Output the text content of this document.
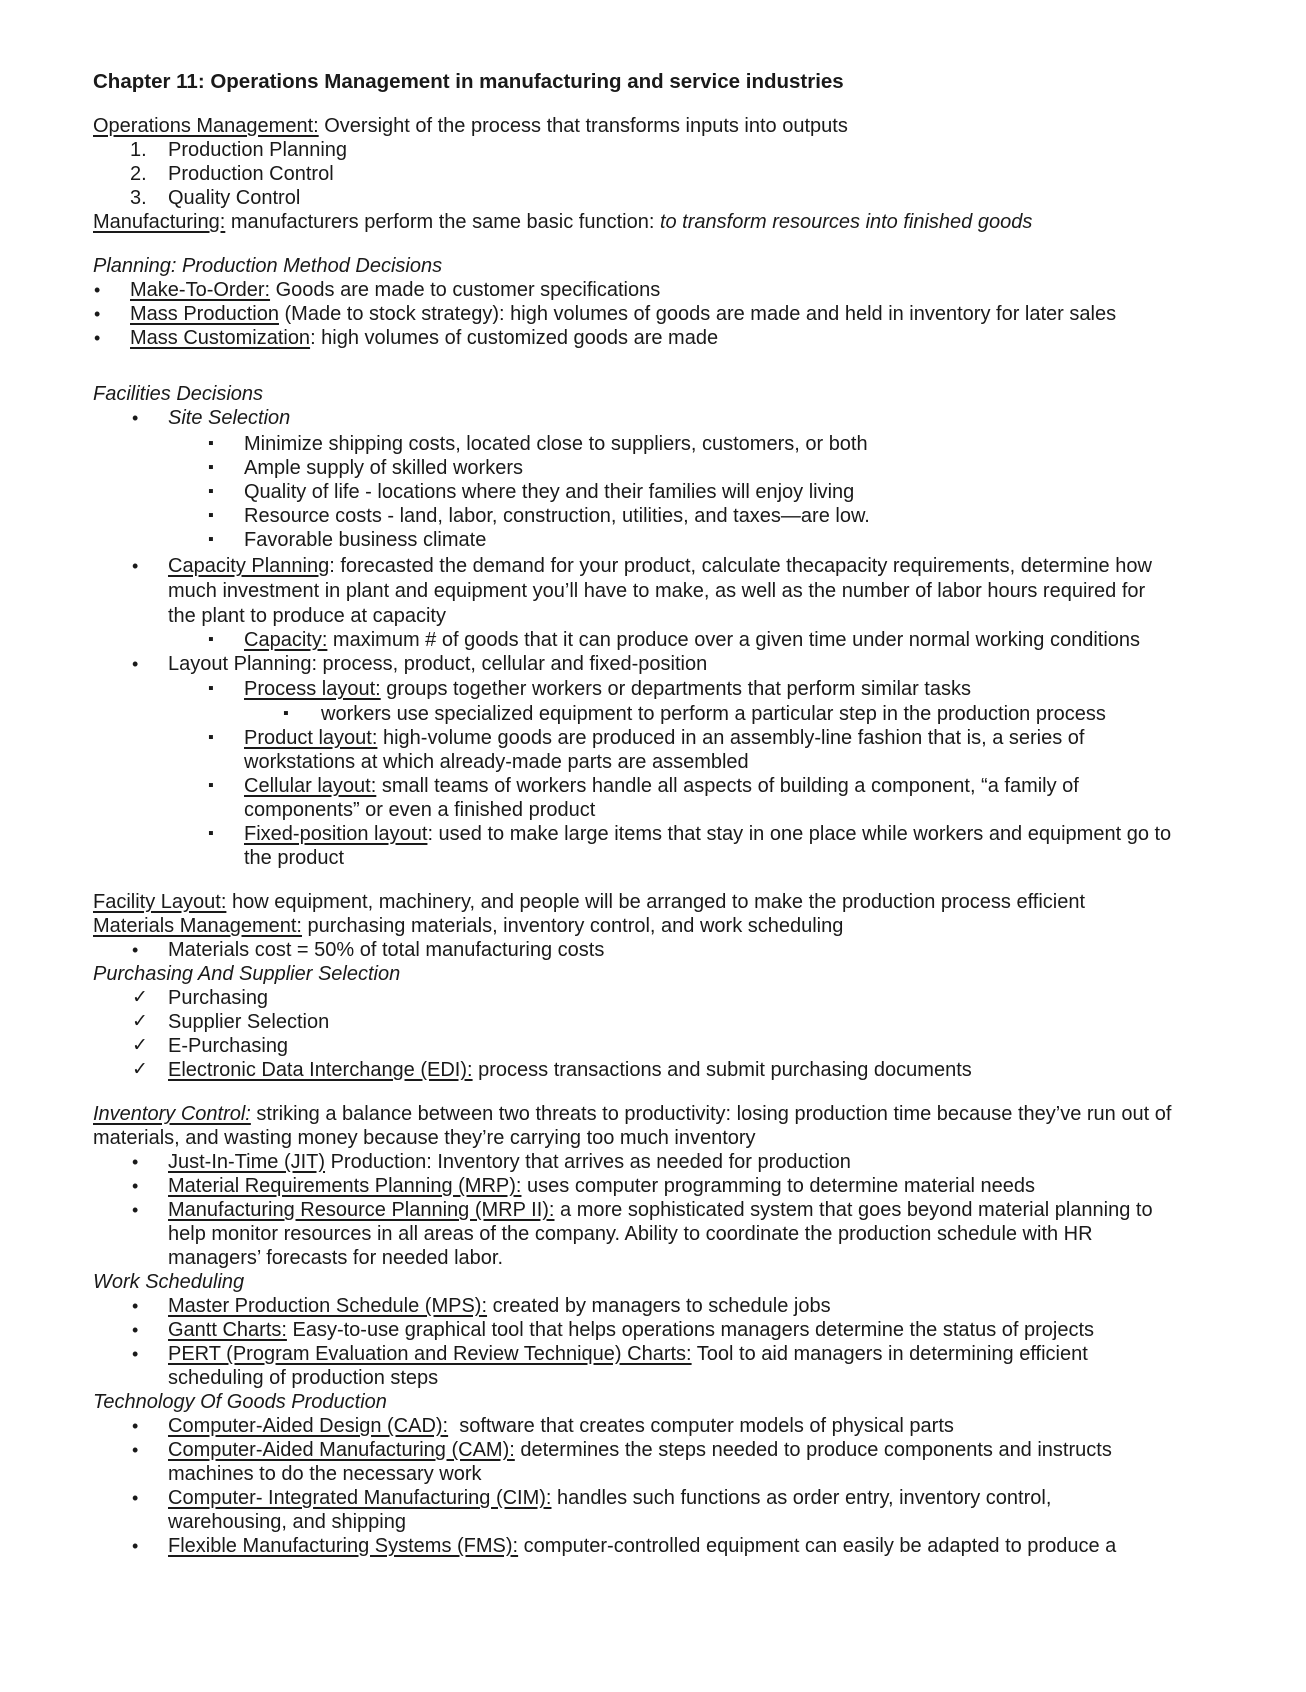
Chapter 11: Operations Management in manufacturing and service industries
Operations Management: Oversight of the process that transforms inputs into outputs
1. Production Planning
2. Production Control
3. Quality Control
Manufacturing: manufacturers perform the same basic function: to transform resources into finished goods
Planning: Production Method Decisions
• Make-To-Order: Goods are made to customer specifications
• Mass Production (Made to stock strategy): high volumes of goods are made and held in inventory for later sales
• Mass Customization: high volumes of customized goods are made
Facilities Decisions
• Site Selection
▪ Minimize shipping costs, located close to suppliers, customers, or both
▪ Ample supply of skilled workers
▪ Quality of life - locations where they and their families will enjoy living
▪ Resource costs - land, labor, construction, utilities, and taxes—are low.
▪ Favorable business climate
• Capacity Planning: forecasted the demand for your product, calculate thecapacity requirements, determine how
much investment in plant and equipment you’ll have to make, as well as the number of labor hours required for
the plant to produce at capacity
▪ Capacity: maximum # of goods that it can produce over a given time under normal working conditions
• Layout Planning: process, product, cellular and fixed-position
▪ Process layout: groups together workers or departments that perform similar tasks
▪ workers use specialized equipment to perform a particular step in the production process
▪ Product layout: high-volume goods are produced in an assembly-line fashion that is, a series of
workstations at which already-made parts are assembled
▪ Cellular layout: small teams of workers handle all aspects of building a component, “a family of
components” or even a finished product
▪ Fixed-position layout: used to make large items that stay in one place while workers and equipment go to
the product
Facility Layout: how equipment, machinery, and people will be arranged to make the production process efficient
Materials Management: purchasing materials, inventory control, and work scheduling
• Materials cost = 50% of total manufacturing costs
Purchasing And Supplier Selection
✓ Purchasing
✓ Supplier Selection
✓ E-Purchasing
✓ Electronic Data Interchange (EDI): process transactions and submit purchasing documents
Inventory Control: striking a balance between two threats to productivity: losing production time because they’ve run out of
materials, and wasting money because they’re carrying too much inventory
• Just-In-Time (JIT) Production: Inventory that arrives as needed for production
• Material Requirements Planning (MRP): uses computer programming to determine material needs
• Manufacturing Resource Planning (MRP II): a more sophisticated system that goes beyond material planning to
help monitor resources in all areas of the company. Ability to coordinate the production schedule with HR
managers’ forecasts for needed labor.
Work Scheduling
• Master Production Schedule (MPS): created by managers to schedule jobs
• Gantt Charts: Easy-to-use graphical tool that helps operations managers determine the status of projects
• PERT (Program Evaluation and Review Technique) Charts: Tool to aid managers in determining efficient
scheduling of production steps
Technology Of Goods Production
• Computer-Aided Design (CAD):  software that creates computer models of physical parts
• Computer-Aided Manufacturing (CAM): determines the steps needed to produce components and instructs
machines to do the necessary work
• Computer- Integrated Manufacturing (CIM): handles such functions as order entry, inventory control,
warehousing, and shipping
• Flexible Manufacturing Systems (FMS): computer-controlled equipment can easily be adapted to produce a
